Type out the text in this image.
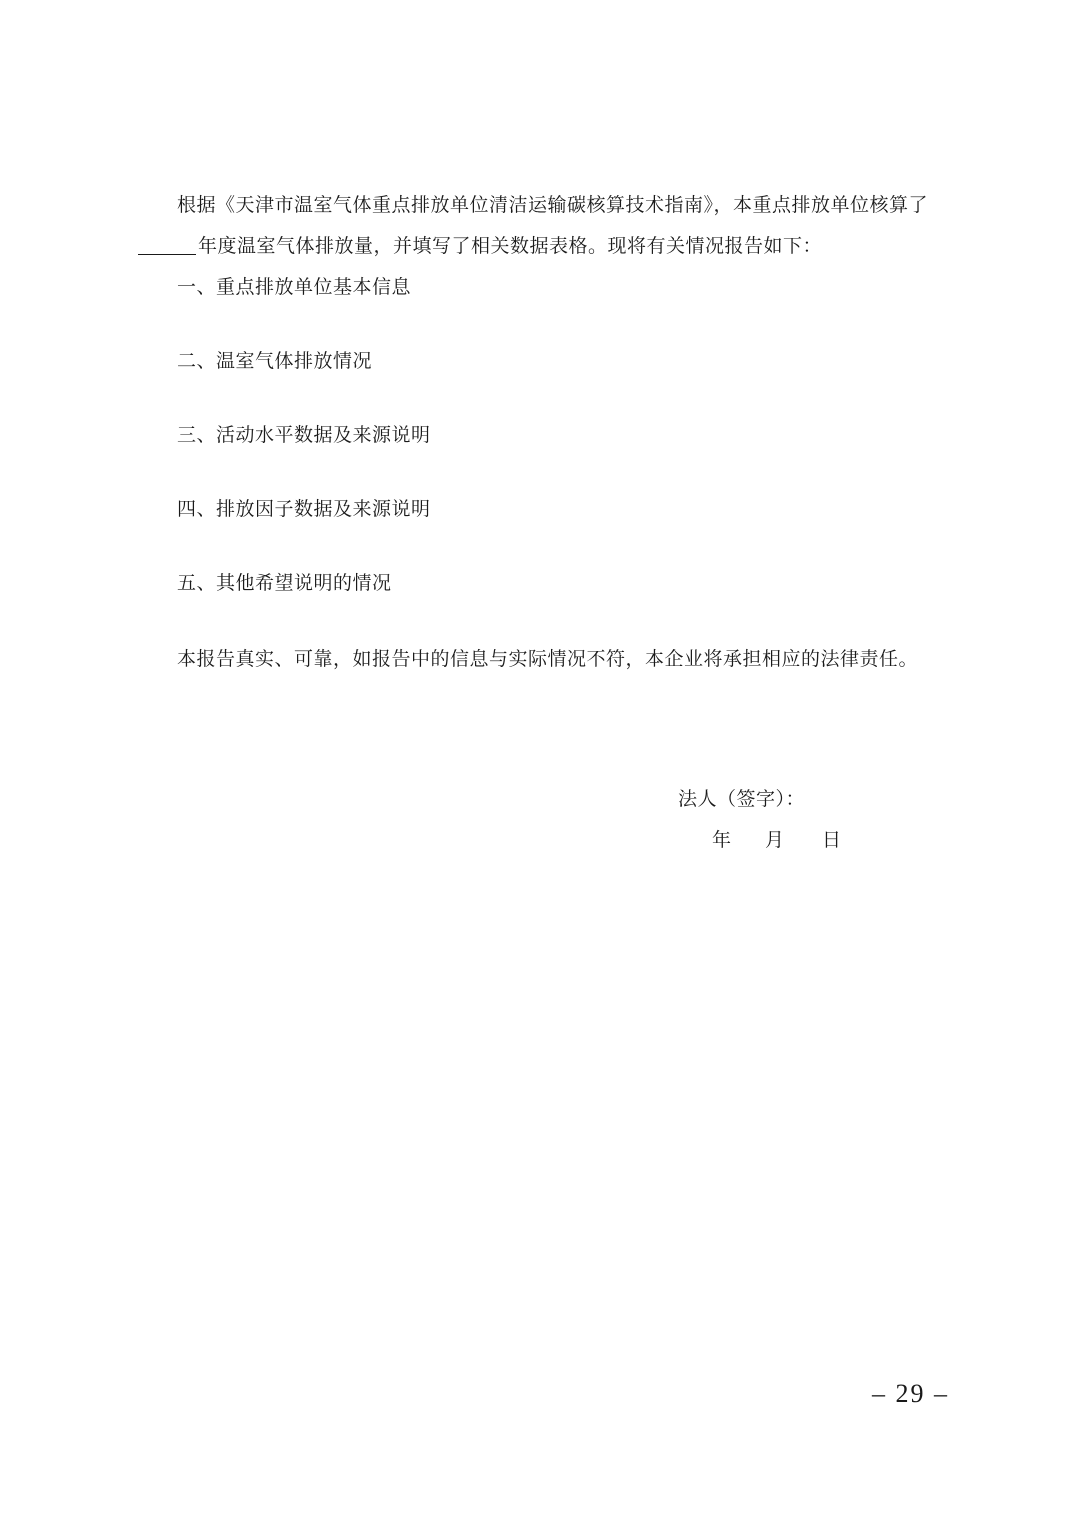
根据《天津市温室气体重点排放单位清洁运输碳核算技术指南》，本重点排放单位核算了
年度温室气体排放量，并填写了相关数据表格。现将有关情况报告如下：
一、重点排放单位基本信息
二、温室气体排放情况
三、活动水平数据及来源说明
四、排放因子数据及来源说明
五、其他希望说明的情况
本报告真实、可靠，如报告中的信息与实际情况不符，本企业将承担相应的法律责任。
法人（签字）：
年 月 日
– 29 –
